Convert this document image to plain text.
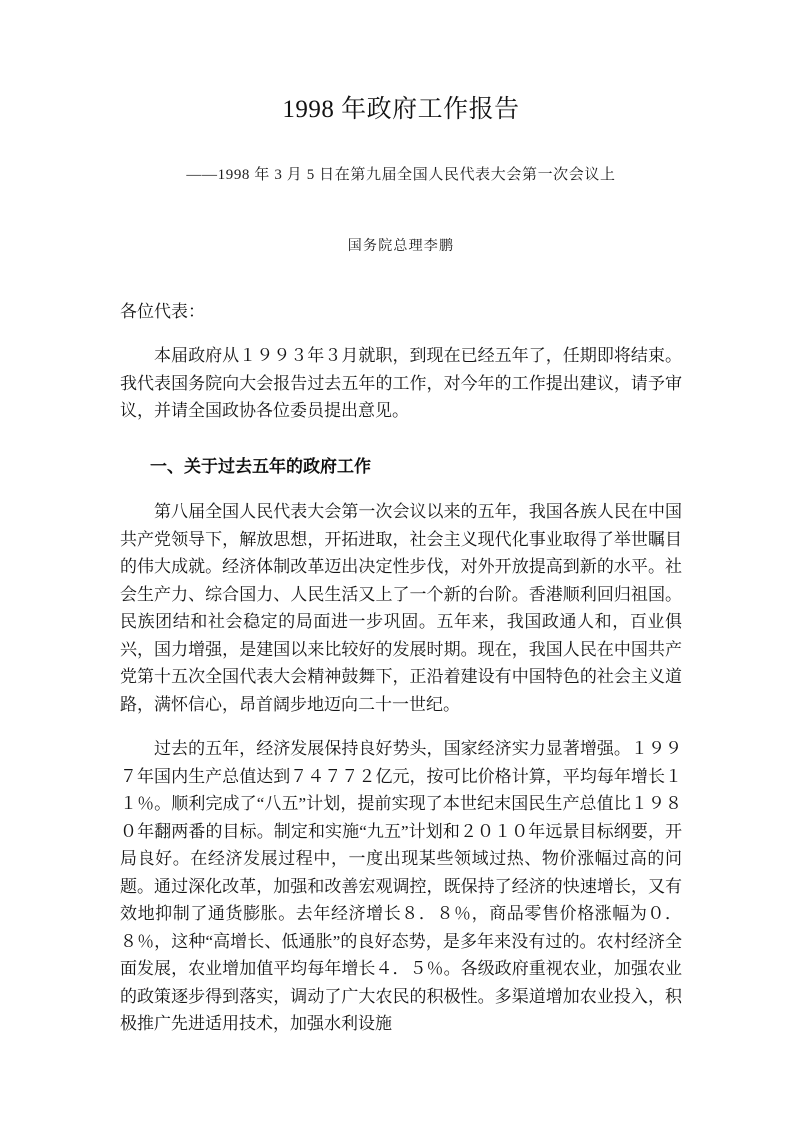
1998 年政府工作报告

——1998 年 3 月 5 日在第九届全国人民代表大会第一次会议上

国务院总理李鹏

各位代表：

本届政府从１９９３年３月就职，到现在已经五年了，任期即将结束。我代表国务院向大会报告过去五年的工作，对今年的工作提出建议，请予审议，并请全国政协各位委员提出意见。

一、关于过去五年的政府工作

第八届全国人民代表大会第一次会议以来的五年，我国各族人民在中国共产党领导下，解放思想，开拓进取，社会主义现代化事业取得了举世瞩目的伟大成就。经济体制改革迈出决定性步伐，对外开放提高到新的水平。社会生产力、综合国力、人民生活又上了一个新的台阶。香港顺利回归祖国。民族团结和社会稳定的局面进一步巩固。五年来，我国政通人和，百业俱兴，国力增强，是建国以来比较好的发展时期。现在，我国人民在中国共产党第十五次全国代表大会精神鼓舞下，正沿着建设有中国特色的社会主义道路，满怀信心，昂首阔步地迈向二十一世纪。

过去的五年，经济发展保持良好势头，国家经济实力显著增强。１９９７年国内生产总值达到７４７７２亿元，按可比价格计算，平均每年增长１１％。顺利完成了“八五”计划，提前实现了本世纪末国民生产总值比１９８０年翻两番的目标。制定和实施“九五”计划和２０１０年远景目标纲要，开局良好。在经济发展过程中，一度出现某些领域过热、物价涨幅过高的问题。通过深化改革，加强和改善宏观调控，既保持了经济的快速增长，又有效地抑制了通货膨胀。去年经济增长８．８％，商品零售价格涨幅为０．８％，这种“高增长、低通胀”的良好态势，是多年来没有过的。农村经济全面发展，农业增加值平均每年增长４．５％。各级政府重视农业，加强农业的政策逐步得到落实，调动了广大农民的积极性。多渠道增加农业投入，积极推广先进适用技术，加强水利设施
